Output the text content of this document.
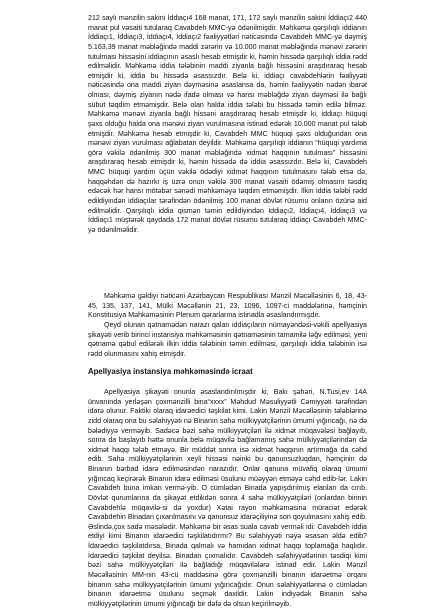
212 saylı mənzilin sakini İddiaçı4 168 manat, 171, 172 saylı mənzilin sakini İddiaçı2 440 manat pul vəsaiti tutularaq Cavabdeh MMC-yə ödənilmişdir. Məhkəmə qərşılıqlı iddianın İddiaçı1, İddiaçı3, İddiaçı4, İddiaçı2 fəaliyyətləri nəticəsində Cavabdeh MMC-yə dəymiş 5.163,39 manat məbləğində maddi zərərin və 10.000 manat məbləğində mənəvi zərərin tutulması hissəsini iddiaçının əsaslı hesab etmişdir ki, həmin hissədə qarşılıqlı iddia rədd edilməlidir. Məhkəmə iddia tələbinin maddi ziyanla bağlı hissəsini araşdıraraq hesab etmişdir ki, iddia bu hissədə əsassızdır. Belə ki, iddiaçı cavabdehlərin fəaliyyəti nəticəsində ona maddi ziyan dəyməsinə əsaslansa da, həmin fəaliyyətin nədən ibarət olması, dəymiş ziyanın nədə ifadə olması və hansı məbləğdə ziyan dəyməsi ilə bağlı sübut təqdim etməmişdir. Belə olan halda iddia tələbi bu hissədə təmin edilə bilməz. Məhkəmə mənəvi ziyanla bağlı hissəni araşdıraraq hesab etmişdir ki, iddiaçı hüquqi şəxs olduğu halda ona mənəvi ziyan vurulmasına istinad edərək 10.000 manat pul tələb etmişdir. Məhkəmə hesab etmişdir ki, Cavabdeh MMC hüquqi şəxs olduğundan ona mənəvi ziyan vurulması ağlabatan deyildir. Məhkəmə qarşılıqlı iddianın “hüquqi yardıma görə vəkilə ödənilmiş 300 manat məbləğində xidmət haqqının tutulması” hissəsini araşdıraraq hesab etmişdir ki, həmin hissədə də iddia əsassızdır. Belə ki, Cavabdeh MMC hüquqi yardım üçün vəkilə ödədiyi xidmət haqqının tutulmasını tələb etsə də, haqqəhdən də hazırkı iş üzrə onun vəkilə 300 manat vəsaiti ödəmiş olmasını təsdiq edəcək hər hansı mötəbər sənədi məhkəməyə təqdim etməmişdir. İlkin iddia tələbi rədd edildiyindən iddiaçılar tərəfindən ödənilmiş 100 manat dövlət rüsumu onların özünə aid edilməlidir. Qarşılıqlı iddia qismən təmin edildiyindən İddiaçı2, İddiaçı4, İddiaçı3 və İddiaçı1 müştərək qaydada 172 manat dövlət rüsumu tutularaq iddiaçı Cavabdeh MMC-yə ödənilməlidir.

Məhkəmə gəldiyi nəticəni Azərbaycan Respublikası Mənzil Məcəlləsinin 6, 18, 43-45, 135, 137, 141, Mülki Məcəllənin 21, 23, 1096, 1097-ci maddələrinə, həmçinin Konstitusiya Məhkəməsinin Plenum qərarlarına istinadla əsaslandırmışdır.

Qeyd olunan qətnamədən narazı qalan iddiaçıların nümayəndəsi-vəkili apellyasiya şikayəti verib birinci instansiya məhkəməsinin qətnaməsinin tamamilə ləğv edilməsi, yeni qətnamə qəbul edilərək ilkin iddia tələbinin təmin edilməsi, qarşılıqlı iddia tələbinin isə rədd olunmasını xahiş etmişdir.

Apellyasiya instansiya məhkəməsində icraat

Apellyasiya şikayəti onunla əsaslandırılmışdır ki, Bakı şəhəri, N.Tusi,ev 14A ünvanında yerləşən çoxmənzilli bina“xxxx” Məhdud Məsuliyyətli Cəmiyyəti tərəfindən idarə olunur. Faktiki olaraq idarəedici təşkilat kimi. Lakin Mənzil Məcəlləsinin tələblərinə zidd olaraq ona bu səlahiyyəti nə Binanın sahə mülkiyyətçilərinin ümumi yığıncağı, nə də bələdiyyə verməyib. Sadəcə bəzi sahə mülkiyyətçiləri ilə xidmət müqavələsi bağlayıb, sonra da başlayıb həttə onunla belə müqavilə bağlamamış sahə mülkiyyətçilərindən də xidmət haqqı tələb etməyə. Bir müddət sonra isə xidmət haqqının artırmağa da cəhd edib. Sahə mülkiyyətçilərinin xeyli hissəsi nəinki bu qanunsuzluqdan, həmçinin də Binanın bərbad idarə edilməsindən narazıdır. Onlar qanuna müvafiq olaraq ümumi yığıncaq keçirərək Binanın idarə edilməsi üsulunu müəyyən etməyə cəhd edib-lər. Lakin Cavabdeh buna imkan vermə-yib. O cümlədən Binada yapışdırılmış elanları da cırıb. Dövlət qurumlarına da şikayət etdikdən sonra 4 sahə mülkiyyətçiləri (onlardan birinin Cavabdehlə müqavilə-si də yoxdur) Xətai rayon məhkəməsinə müraciət edərək Cavabdehin Binadan çıxarılmasını və qanunsuz idarəçiliyinə son qoyulmasını xahiş edib. Əslində,çox sadə məsələdir. Məhkəmə bir əsas suala cavab verməli idi: Cavabdeh iddia etdiyi kimi Binanın idarəedici təşkilatıdırmı? Bu səlahiyyəti nəyə əsasən əldə edib? İdarəedici təşkilatdırsa, Binada qalmalı və hamıdan xidmət haqqı toplamağa haqlıdır. İdarəedici təşkilat deyilsə, Binadan çıxmalıdır. Cavabdeh səlahiyyətlərinin təsdiqi kimi bəzi sahə mülkiyyətçiləri ilə bağladığı müqavilələrə istinad edir. Lakin Mənzil Məcəlləsinin MM-nin 43-cü maddəsinə görə çoxmənzilli binanın idarəetmə orqanı binanın sahə mülkiyyətçilərinin ümumi yığıncağıdır. Onun səlahiyyətlərinə o cümlədən binanın idarəetmə üsulunu seçmək daxildir. Lakin indiyədək Binanın sahə mülkiyyətçilərinin ümumi yığıncağı bir dəfə də olsun keçirilməyib.
